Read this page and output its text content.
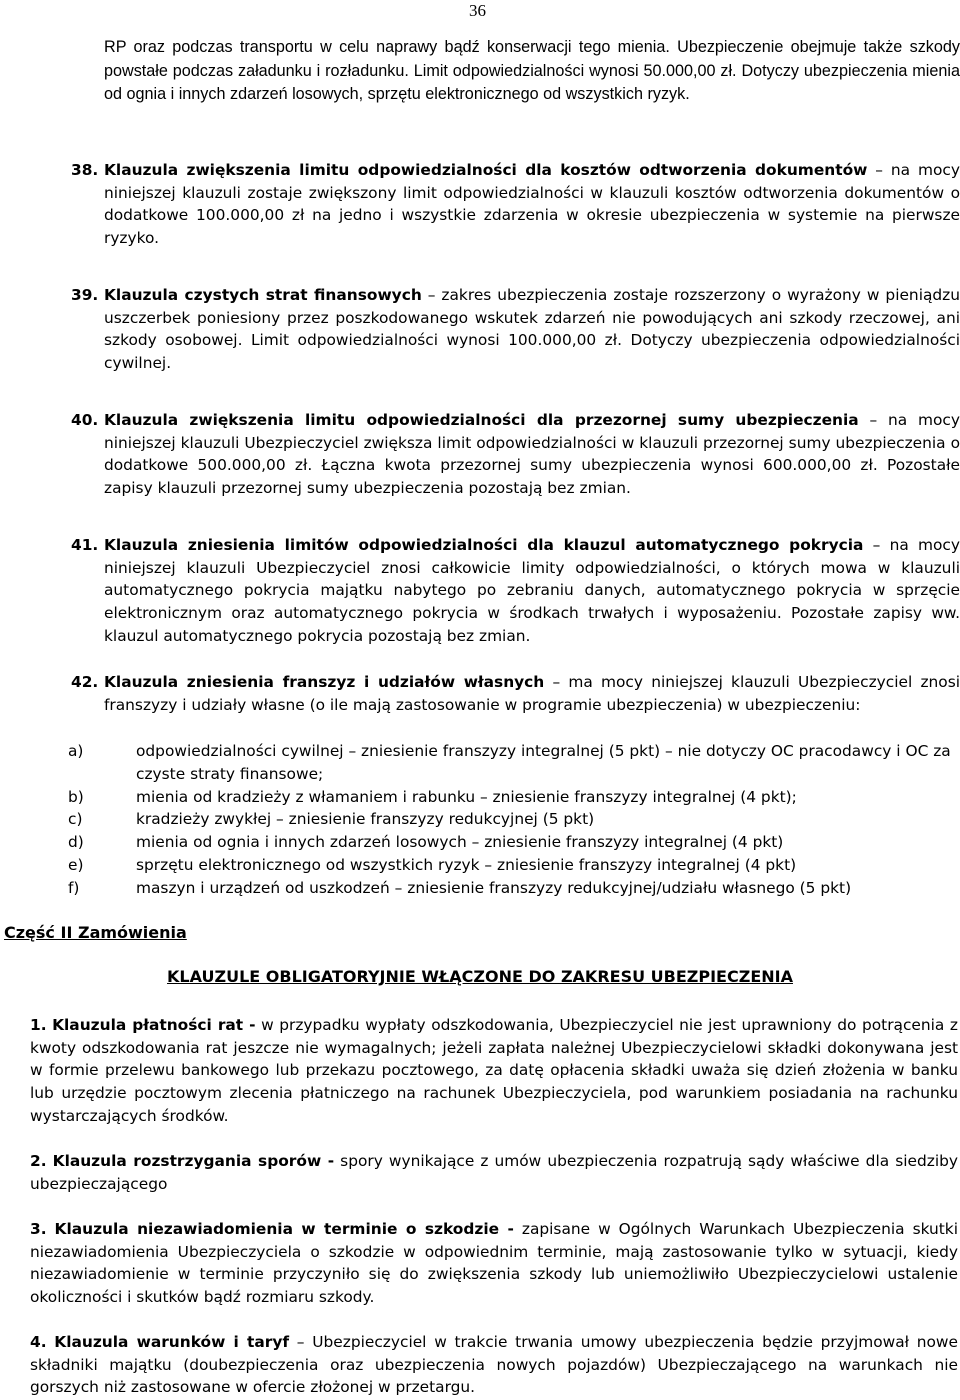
36

RP oraz podczas transportu w celu naprawy bądź konserwacji tego mienia. Ubezpieczenie obejmuje także szkody powstałe podczas załadunku i rozładunku. Limit odpowiedzialności wynosi 50.000,00 zł. Dotyczy ubezpieczenia mienia od ognia i innych zdarzeń losowych, sprzętu elektronicznego od wszystkich ryzyk.

38. Klauzula zwiększenia limitu odpowiedzialności dla kosztów odtworzenia dokumentów – na mocy niniejszej klauzuli zostaje zwiększony limit odpowiedzialności w klauzuli kosztów odtworzenia dokumentów o dodatkowe 100.000,00 zł na jedno i wszystkie zdarzenia w okresie ubezpieczenia w systemie na pierwsze ryzyko.

39. Klauzula czystych strat finansowych – zakres ubezpieczenia zostaje rozszerzony o wyrażony w pieniądzu uszczerbek poniesiony przez poszkodowanego wskutek zdarzeń nie powodujących ani szkody rzeczowej, ani szkody osobowej. Limit odpowiedzialności wynosi 100.000,00 zł. Dotyczy ubezpieczenia odpowiedzialności cywilnej.

40. Klauzula zwiększenia limitu odpowiedzialności dla przezornej sumy ubezpieczenia – na mocy niniejszej klauzuli Ubezpieczyciel zwiększa limit odpowiedzialności w klauzuli przezornej sumy ubezpieczenia o dodatkowe 500.000,00 zł. Łączna kwota przezornej sumy ubezpieczenia wynosi 600.000,00 zł. Pozostałe zapisy klauzuli przezornej sumy ubezpieczenia pozostają bez zmian.

41. Klauzula zniesienia limitów odpowiedzialności dla klauzul automatycznego pokrycia – na mocy niniejszej klauzuli Ubezpieczyciel znosi całkowicie limity odpowiedzialności, o których mowa w klauzuli automatycznego pokrycia majątku nabytego po zebraniu danych, automatycznego pokrycia w sprzęcie elektronicznym oraz automatycznego pokrycia w środkach trwałych i wyposażeniu. Pozostałe zapisy ww. klauzul automatycznego pokrycia pozostają bez zmian.

42. Klauzula zniesienia franszyz i udziałów własnych – ma mocy niniejszej klauzuli Ubezpieczyciel znosi franszyzy i udziały własne (o ile mają zastosowanie w programie ubezpieczenia) w ubezpieczeniu:

a)	odpowiedzialności cywilnej – zniesienie franszyzy integralnej (5 pkt) – nie dotyczy OC pracodawcy i OC za czyste straty finansowe;
b)	mienia od kradzieży z włamaniem i rabunku – zniesienie franszyzy integralnej (4 pkt);
c)	kradzieży zwykłej – zniesienie franszyzy redukcyjnej (5 pkt)
d)	mienia od ognia i innych zdarzeń losowych – zniesienie franszyzy integralnej (4 pkt)
e)	sprzętu elektronicznego od wszystkich ryzyk – zniesienie franszyzy integralnej (4 pkt)
f)	maszyn i urządzeń od uszkodzeń – zniesienie franszyzy redukcyjnej/udziału własnego (5 pkt)
Część II Zamówienia
KLAUZULE OBLIGATORYJNIE WŁĄCZONE DO ZAKRESU UBEZPIECZENIA

1. Klauzula płatności rat - w przypadku wypłaty odszkodowania, Ubezpieczyciel nie jest uprawniony do potrącenia z kwoty odszkodowania rat jeszcze nie wymagalnych; jeżeli zapłata należnej Ubezpieczycielowi składki dokonywana jest w formie przelewu bankowego lub przekazu pocztowego, za datę opłacenia składki uważa się dzień złożenia w banku lub urzędzie pocztowym zlecenia płatniczego na rachunek Ubezpieczyciela, pod warunkiem posiadania na rachunku wystarczających środków.

2. Klauzula rozstrzygania sporów - spory wynikające z umów ubezpieczenia rozpatrują sądy właściwe dla siedziby ubezpieczającego

3. Klauzula niezawiadomienia w terminie o szkodzie - zapisane w Ogólnych Warunkach Ubezpieczenia skutki niezawiadomienia Ubezpieczyciela o szkodzie w odpowiednim terminie, mają zastosowanie tylko w sytuacji, kiedy niezawiadomienie w terminie przyczyniło się do zwiększenia szkody lub uniemożliwiło Ubezpieczycielowi ustalenie okoliczności i skutków bądź rozmiaru szkody.

4. Klauzula warunków i taryf – Ubezpieczyciel w trakcie trwania umowy ubezpieczenia będzie przyjmował nowe składniki majątku (doubezpieczenia oraz ubezpieczenia nowych pojazdów) Ubezpieczającego na warunkach nie gorszych niż zastosowane w ofercie złożonej w przetargu.
